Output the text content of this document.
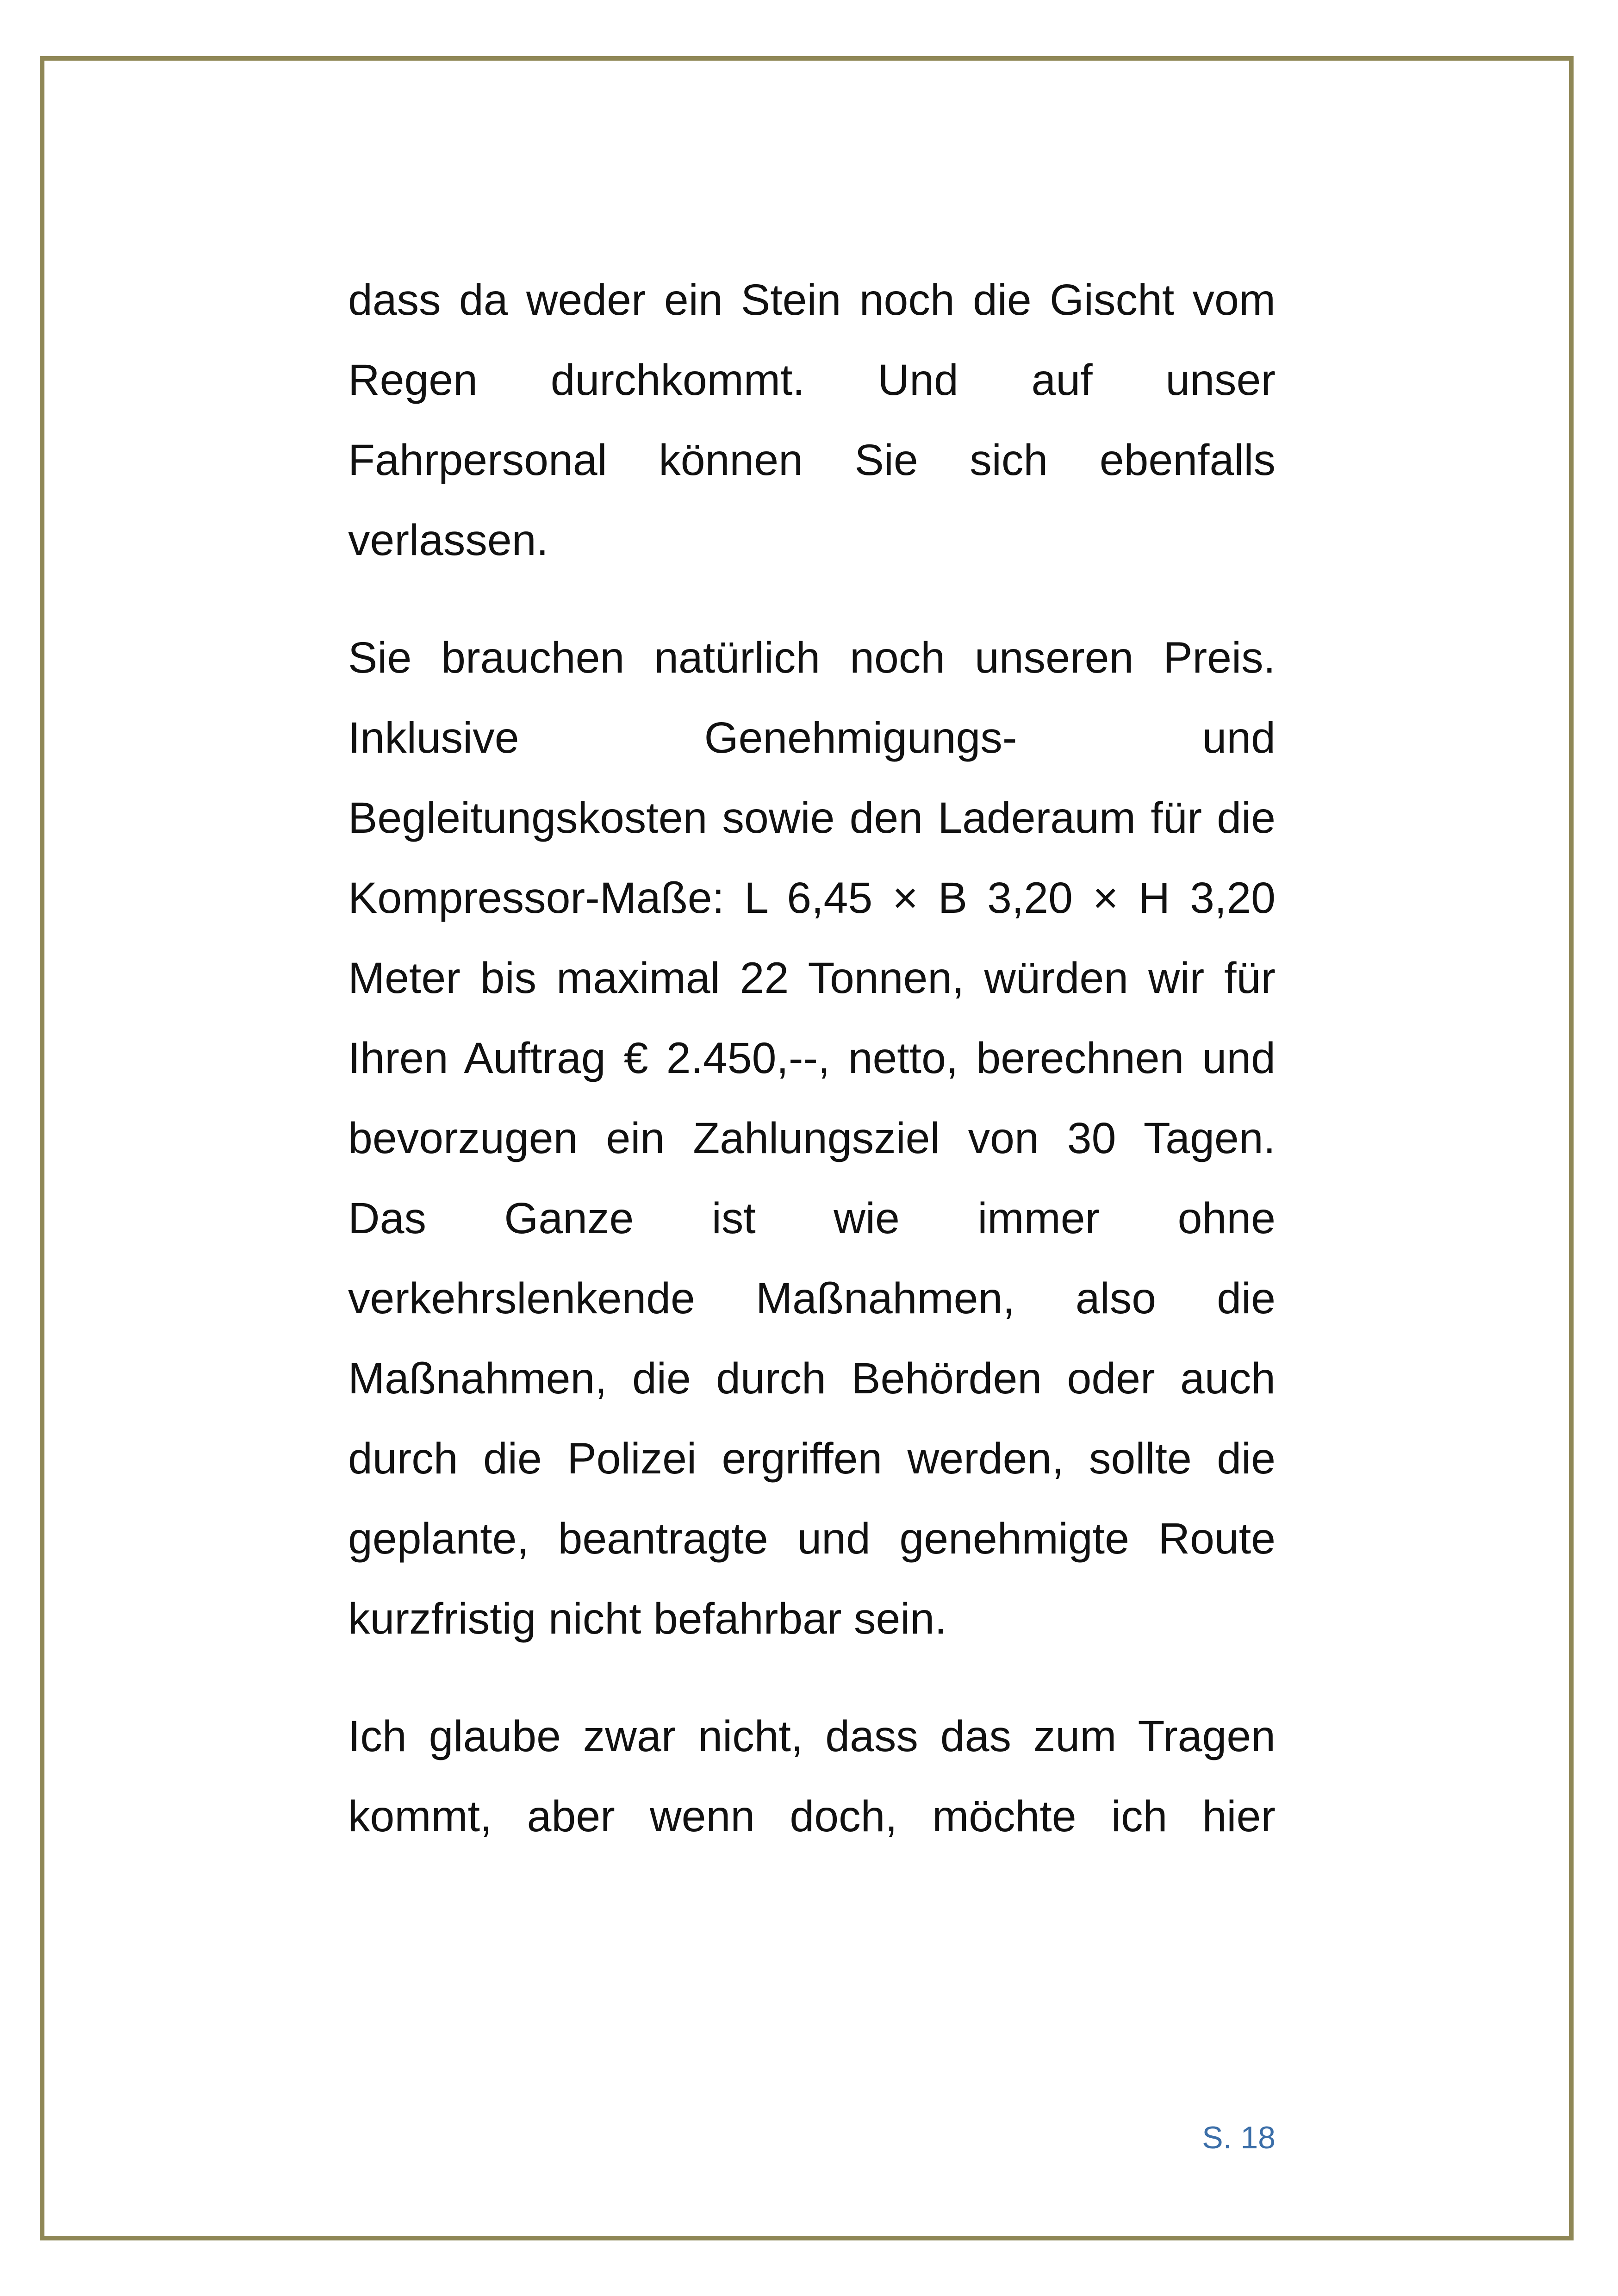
dass da weder ein Stein noch die Gischt vom Regen durchkommt. Und auf unser Fahrpersonal können Sie sich ebenfalls verlassen.

Sie brauchen natürlich noch unseren Preis. Inklusive Genehmigungs- und Begleitungskosten sowie den Laderaum für die Kompressor-Maße: L 6,45 × B 3,20 × H 3,20 Meter bis maximal 22 Tonnen, würden wir für Ihren Auftrag € 2.450,--, netto, berechnen und bevorzugen ein Zahlungsziel von 30 Tagen. Das Ganze ist wie immer ohne verkehrslenkende Maßnahmen, also die Maßnahmen, die durch Behörden oder auch durch die Polizei ergriffen werden, sollte die geplante, beantragte und genehmigte Route kurzfristig nicht befahrbar sein.

Ich glaube zwar nicht, dass das zum Tragen kommt, aber wenn doch, möchte ich hier

S. 18
